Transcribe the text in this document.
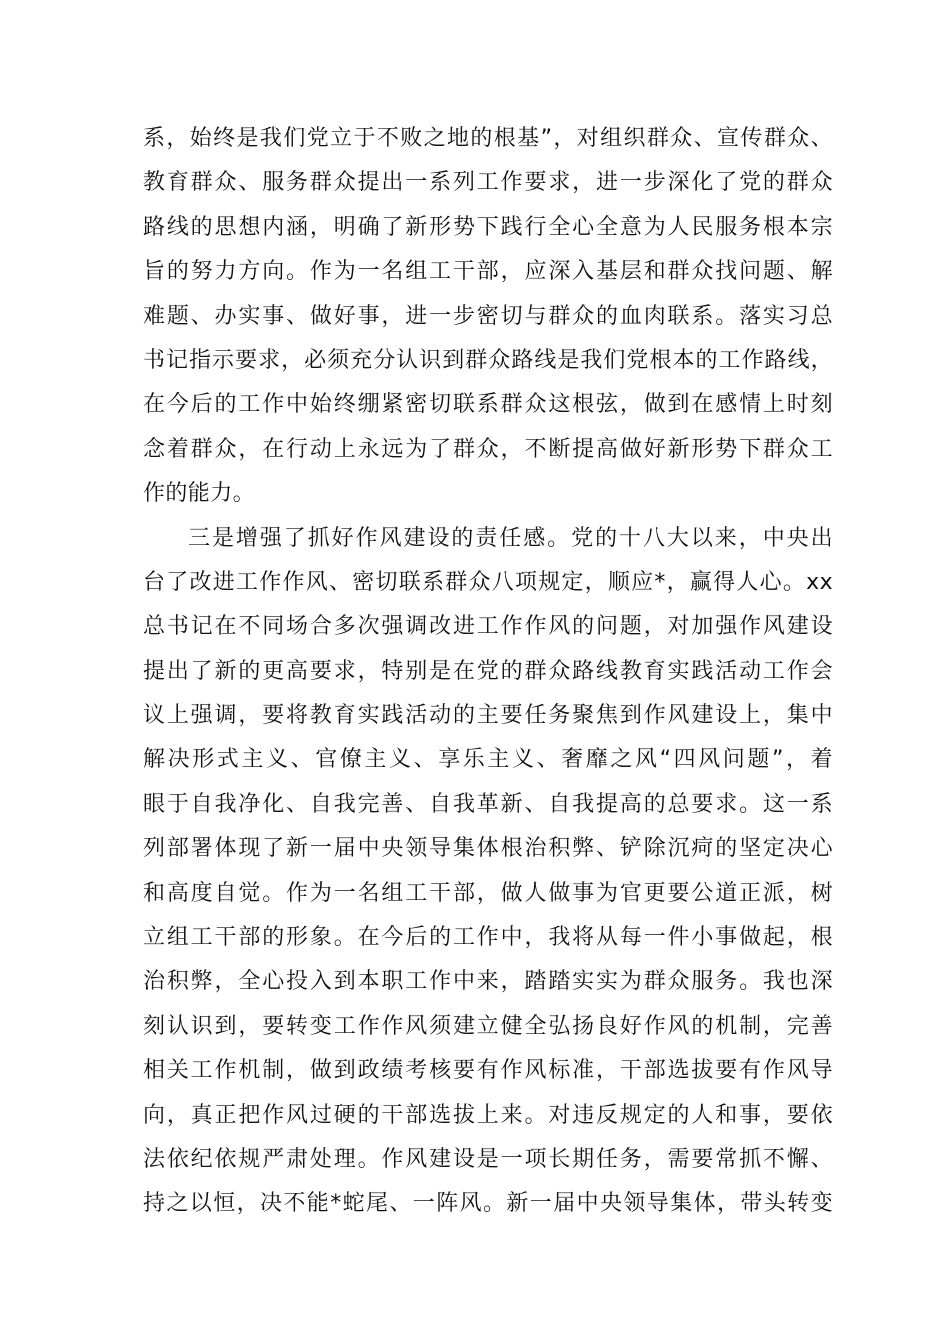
系，始终是我们党立于不败之地的根基”，对组织群众、宣传群众、
教育群众、服务群众提出一系列工作要求，进一步深化了党的群众
路线的思想内涵，明确了新形势下践行全心全意为人民服务根本宗
旨的努力方向。作为一名组工干部，应深入基层和群众找问题、解
难题、办实事、做好事，进一步密切与群众的血肉联系。落实习总
书记指示要求，必须充分认识到群众路线是我们党根本的工作路线，
在今后的工作中始终绷紧密切联系群众这根弦，做到在感情上时刻
念着群众，在行动上永远为了群众，不断提高做好新形势下群众工
作的能力。
三是增强了抓好作风建设的责任感。党的十八大以来，中央出
台了改进工作作风、密切联系群众八项规定，顺应*，赢得人心。xx
总书记在不同场合多次强调改进工作作风的问题，对加强作风建设
提出了新的更高要求，特别是在党的群众路线教育实践活动工作会
议上强调，要将教育实践活动的主要任务聚焦到作风建设上，集中
解决形式主义、官僚主义、享乐主义、奢靡之风“四风问题”，着
眼于自我净化、自我完善、自我革新、自我提高的总要求。这一系
列部署体现了新一届中央领导集体根治积弊、铲除沉疴的坚定决心
和高度自觉。作为一名组工干部，做人做事为官更要公道正派，树
立组工干部的形象。在今后的工作中，我将从每一件小事做起，根
治积弊，全心投入到本职工作中来，踏踏实实为群众服务。我也深
刻认识到，要转变工作作风须建立健全弘扬良好作风的机制，完善
相关工作机制，做到政绩考核要有作风标准，干部选拔要有作风导
向，真正把作风过硬的干部选拔上来。对违反规定的人和事，要依
法依纪依规严肃处理。作风建设是一项长期任务，需要常抓不懈、
持之以恒，决不能*蛇尾、一阵风。新一届中央领导集体，带头转变
